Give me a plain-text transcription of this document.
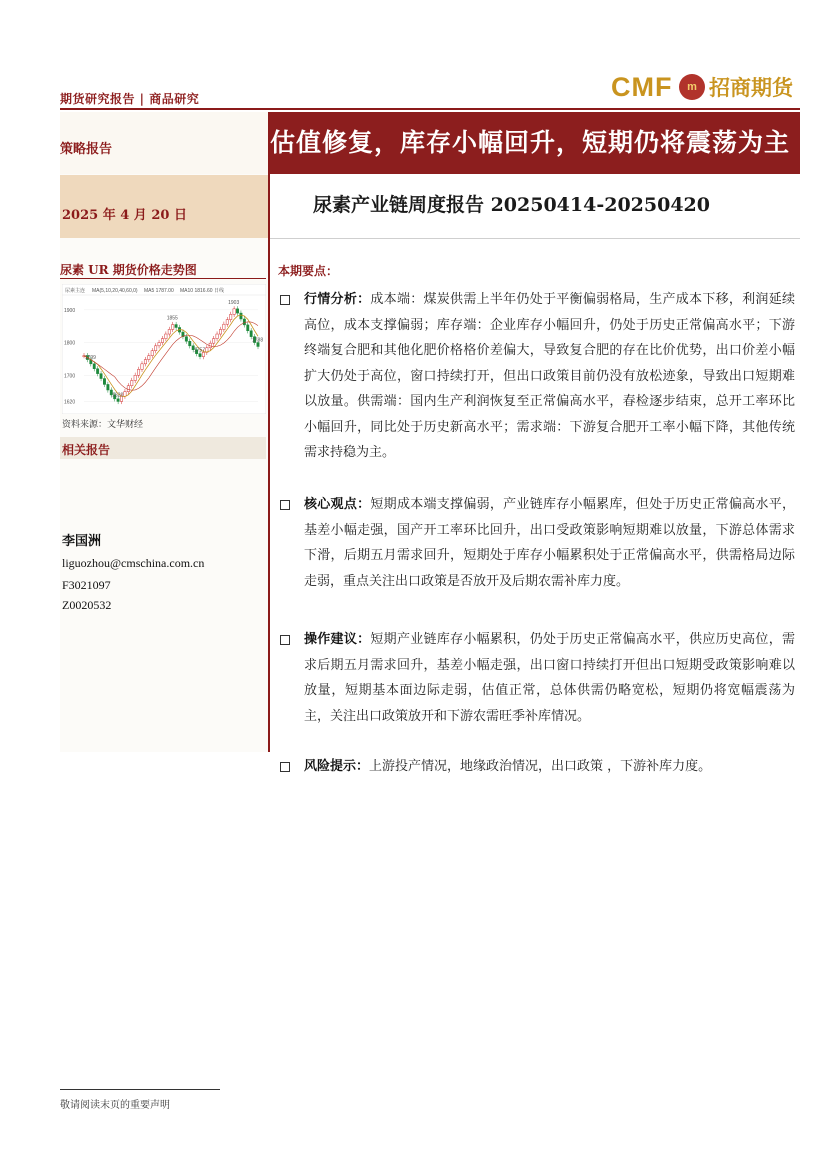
期货研究报告 | 商品研究	CMF	m 招商期货
策略报告
2025 年 4 月 20 日
估值修复，库存小幅回升，短期仍将震荡为主
尿素产业链周度报告 20250414-20250420
尿素 UR 期货价格走势图
尿素主连 MA(5,10,20,40,60,0) MA5 1787.00 MA10 1816.60 日线
1900
1800
1700
1620
1903
1855
1799
1757
1620
1788
资料来源：文华财经
相关报告
李国洲
liguozhou@cmschina.com.cn
F3021097
Z0020532
本期要点：
行情分析：成本端：煤炭供需上半年仍处于平衡偏弱格局，生产成本下移，利润延续高位，成本支撑偏弱；库存端：企业库存小幅回升，仍处于历史正常偏高水平；下游终端复合肥和其他化肥价格格价差偏大，导致复合肥的存在比价优势，出口价差小幅扩大仍处于高位，窗口持续打开，但出口政策目前仍没有放松迹象，导致出口短期难以放量。供需端：国内生产利润恢复至正常偏高水平，春检逐步结束，总开工率环比小幅回升，同比处于历史新高水平；需求端：下游复合肥开工率小幅下降，其他传统需求持稳为主。
核心观点：短期成本端支撑偏弱，产业链库存小幅累库，但处于历史正常偏高水平，基差小幅走强，国产开工率环比回升，出口受政策影响短期难以放量，下游总体需求下滑，后期五月需求回升，短期处于库存小幅累积处于正常偏高水平，供需格局边际走弱，重点关注出口政策是否放开及后期农需补库力度。
操作建议：短期产业链库存小幅累积，仍处于历史正常偏高水平，供应历史高位，需求后期五月需求回升，基差小幅走强，出口窗口持续打开但出口短期受政策影响难以放量，短期基本面边际走弱，估值正常，总体供需仍略宽松，短期仍将宽幅震荡为主，关注出口政策放开和下游农需旺季补库情况。
风险提示：上游投产情况，地缘政治情况，出口政策 ，下游补库力度。
敬请阅读末页的重要声明
